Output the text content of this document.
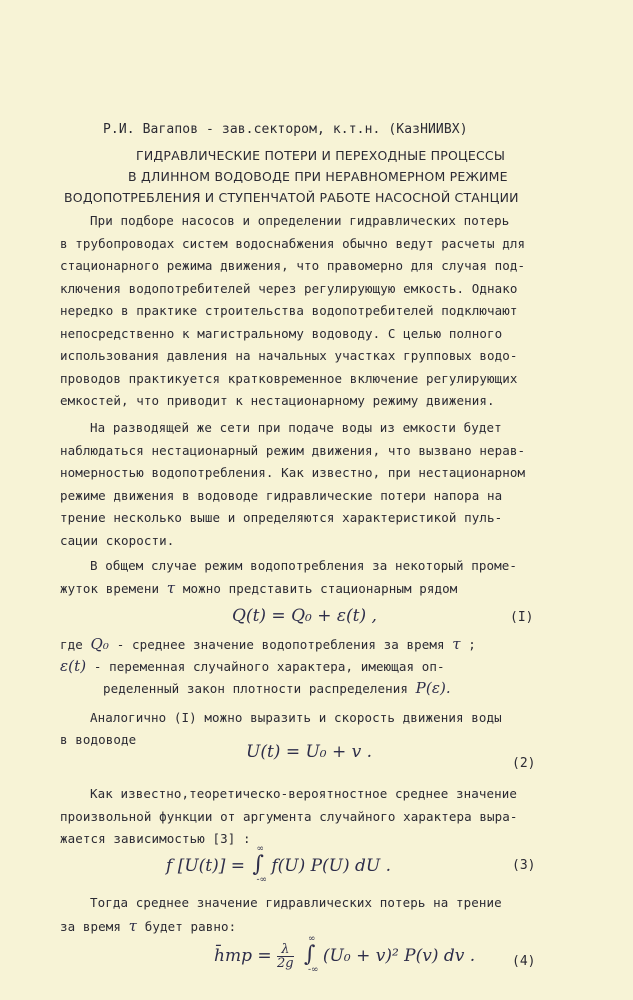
Р.И. Вагапов - зав.сектором, к.т.н. (КазНИИВХ)
ГИДРАВЛИЧЕСКИЕ ПОТЕРИ И ПЕРЕХОДНЫЕ ПРОЦЕССЫ
В ДЛИННОМ ВОДОВОДЕ ПРИ НЕРАВНОМЕРНОМ РЕЖИМЕ
ВОДОПОТРЕБЛЕНИЯ И СТУПЕНЧАТОЙ РАБОТЕ НАСОСНОЙ СТАНЦИИ
При подборе насосов и определении гидравлических потерь
в трубопроводах систем водоснабжения обычно ведут расчеты для
стационарного режима движения, что правомерно для случая под-
ключения водопотребителей через регулирующую емкость. Однако
нередко в практике строительства водопотребителей подключают
непосредственно к магистральному водоводу. С целью полного
использования давления на начальных участках групповых водо-
проводов практикуется кратковременное включение регулирующих
емкостей, что приводит к нестационарному режиму движения.
На разводящей же сети при подаче воды из емкости будет
наблюдаться нестационарный режим движения, что вызвано нерав-
номерностью водопотребления. Как известно, при нестационарном
режиме движения в водоводе гидравлические потери напора на
трение несколько выше и определяются характеристикой пуль-
сации скорости.
В общем случае режим водопотребления за некоторый проме-
жуток времени τ можно представить стационарным рядом
Q(t) = Q₀ + ε(t) ,	(I)
где Q₀ - среднее значение водопотребления за время τ ;
ε(t) - переменная случайного характера, имеющая оп-
ределенный закон плотности распределения P(ε).
Аналогично (I) можно выразить и скорость движения воды
в водоводе
U(t) = U₀ + v .
(2)
Как известно,теоретическо-вероятностное среднее значение
произвольной функции от аргумента случайного характера выра-
жается зависимостью [3] :
f [U(t)] = ∫
∞
-∞
f(U) P(U) dU .	(3)
Тогда среднее значение гидравлических потерь на трение
за время τ будет равно:
h̄тр = $\frac{\lambda}{2g}$ ∫
∞
-∞
(U₀ + v)² P(v) dv .	(4)
